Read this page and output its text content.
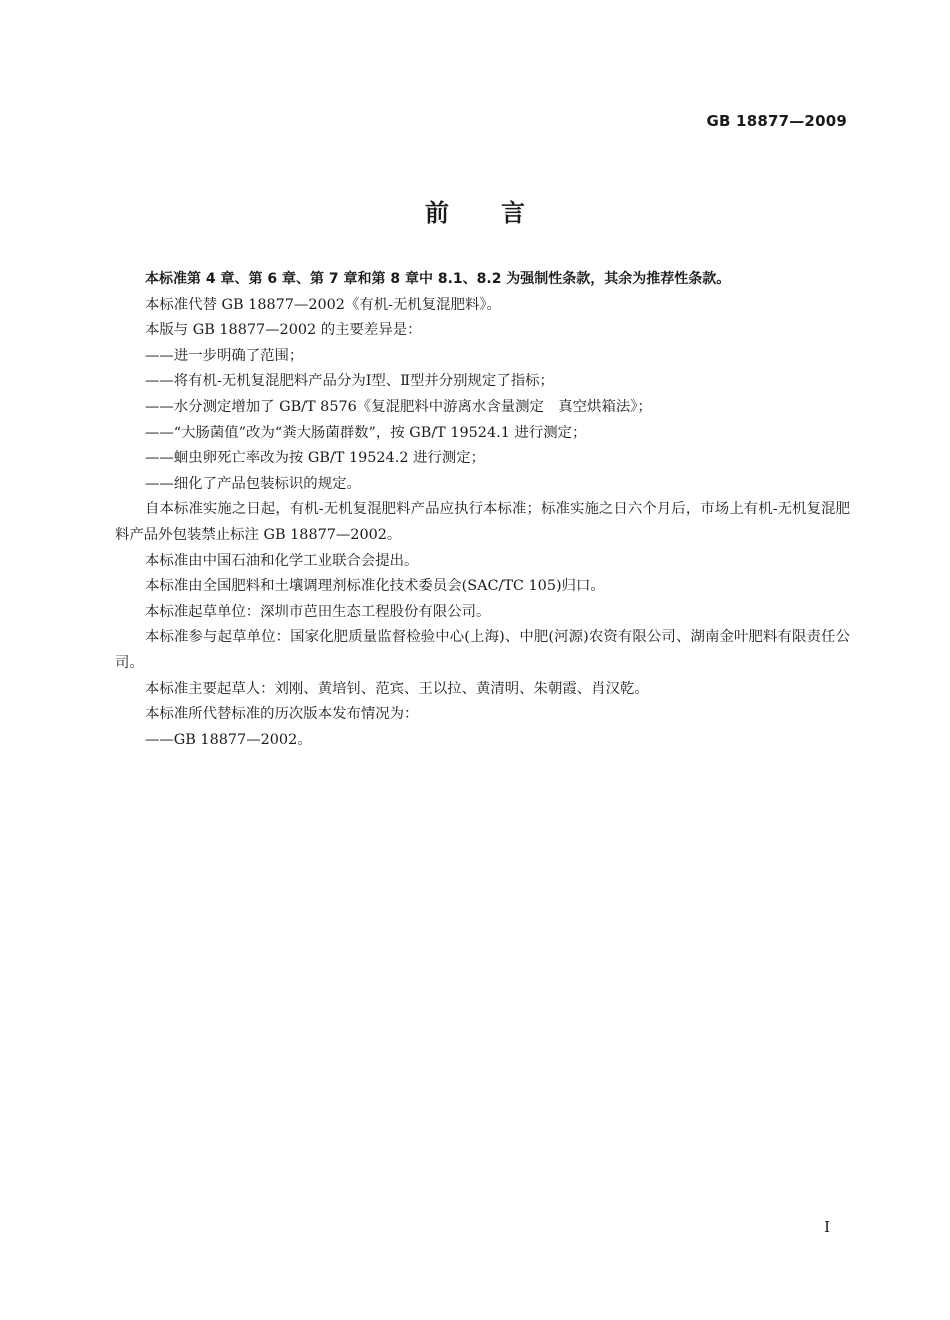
GB 18877—2009
前言

本标准第 4 章、第 6 章、第 7 章和第 8 章中 8.1、8.2 为强制性条款，其余为推荐性条款。

本标准代替 GB 18877—2002《有机-无机复混肥料》。

本版与 GB 18877—2002 的主要差异是：

——进一步明确了范围；

——将有机-无机复混肥料产品分为Ⅰ型、Ⅱ型并分别规定了指标；

——水分测定增加了 GB/T 8576《复混肥料中游离水含量测定　真空烘箱法》；

——“大肠菌值”改为“粪大肠菌群数”，按 GB/T 19524.1 进行测定；

——蛔虫卵死亡率改为按 GB/T 19524.2 进行测定；

——细化了产品包装标识的规定。

自本标准实施之日起，有机-无机复混肥料产品应执行本标准；标准实施之日六个月后，市场上有机-无机复混肥料产品外包装禁止标注 GB 18877—2002。

本标准由中国石油和化学工业联合会提出。

本标准由全国肥料和土壤调理剂标准化技术委员会(SAC/TC 105)归口。

本标准起草单位：深圳市芭田生态工程股份有限公司。

本标准参与起草单位：国家化肥质量监督检验中心(上海)、中肥(河源)农资有限公司、湖南金叶肥料有限责任公司。

本标准主要起草人：刘刚、黄培钊、范宾、王以拉、黄清明、朱朝霞、肖汉乾。

本标准所代替标准的历次版本发布情况为：

——GB 18877—2002。

I
